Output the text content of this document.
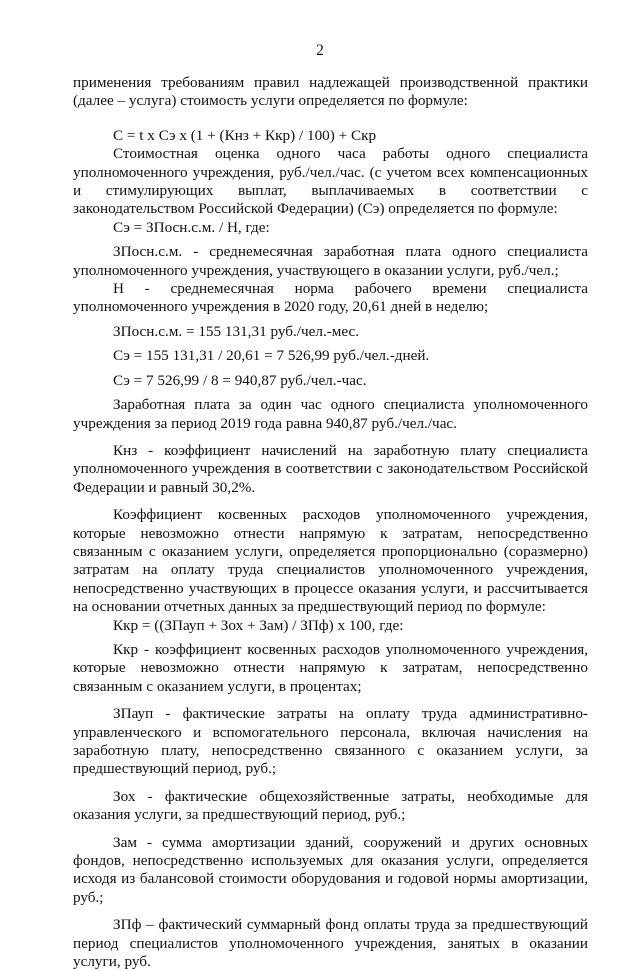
2

применения требованиям правил надлежащей производственной практики (далее – услуга) стоимость услуги определяется по формуле:

С = t х Сэ х (1 + (Кнз + Ккр) / 100) + Скр

Стоимостная оценка одного часа работы одного специалиста уполномоченного учреждения, руб./чел./час. (с учетом всех компенсационных и стимулирующих выплат, выплачиваемых в соответствии с законодательством Российской Федерации) (Сэ) определяется по формуле:

Сэ = ЗПосн.с.м. / Н, где:

ЗПосн.с.м. - среднемесячная заработная плата одного специалиста уполномоченного учреждения, участвующего в оказании услуги, руб./чел.;

Н - среднемесячная норма рабочего времени специалиста уполномоченного учреждения в 2020 году, 20,61 дней в неделю;

ЗПосн.с.м. = 155 131,31 руб./чел.-мес.

Сэ = 155 131,31 / 20,61 = 7 526,99 руб./чел.-дней.

Сэ = 7 526,99 / 8 = 940,87 руб./чел.-час.

Заработная плата за один час одного специалиста уполномоченного учреждения за период 2019 года равна 940,87 руб./чел./час.

Кнз - коэффициент начислений на заработную плату специалиста уполномоченного учреждения в соответствии с законодательством Российской Федерации и равный 30,2%.

Коэффициент косвенных расходов уполномоченного учреждения, которые невозможно отнести напрямую к затратам, непосредственно связанным с оказанием услуги, определяется пропорционально (соразмерно) затратам на оплату труда специалистов уполномоченного учреждения, непосредственно участвующих в процессе оказания услуги, и рассчитывается на основании отчетных данных за предшествующий период по формуле:

Ккр = ((ЗПауп + Зох + Зам) / ЗПф) х 100, где:

Ккр - коэффициент косвенных расходов уполномоченного учреждения, которые невозможно отнести напрямую к затратам, непосредственно связанным с оказанием услуги, в процентах;

ЗПауп - фактические затраты на оплату труда административно-управленческого и вспомогательного персонала, включая начисления на заработную плату, непосредственно связанного с оказанием услуги, за предшествующий период, руб.;

Зох - фактические общехозяйственные затраты, необходимые для оказания услуги, за предшествующий период, руб.;

Зам - сумма амортизации зданий, сооружений и других основных фондов, непосредственно используемых для оказания услуги, определяется исходя из балансовой стоимости оборудования и годовой нормы амортизации, руб.;

ЗПф – фактический суммарный фонд оплаты труда за предшествующий период специалистов уполномоченного учреждения, занятых в оказании услуги, руб.
